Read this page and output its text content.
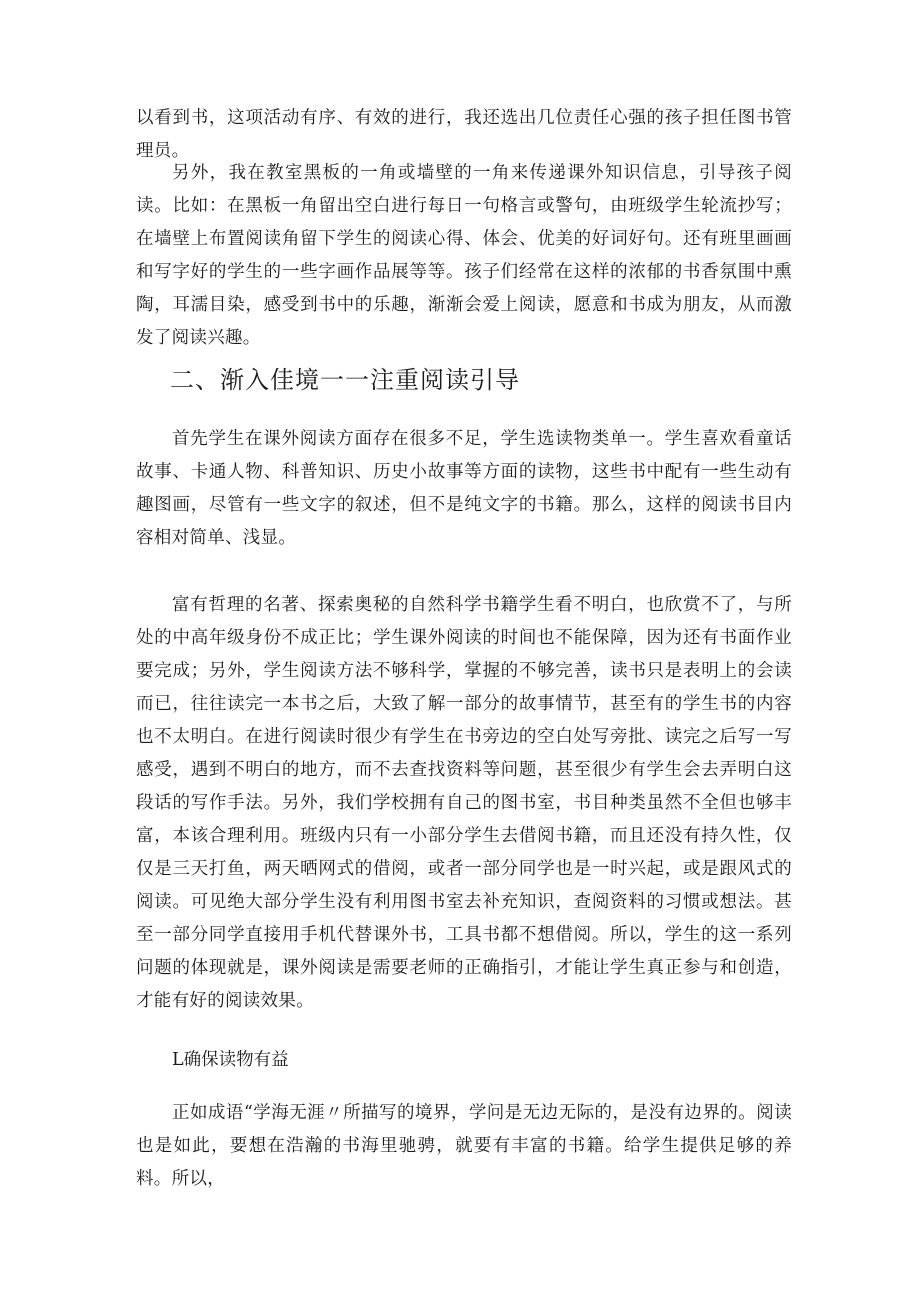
以看到书，这项活动有序、有效的进行，我还选出几位责任心强的孩子担任图书管理员。

另外，我在教室黑板的一角或墙壁的一角来传递课外知识信息，引导孩子阅读。比如：在黑板一角留出空白进行每日一句格言或警句，由班级学生轮流抄写；在墙壁上布置阅读角留下学生的阅读心得、体会、优美的好词好句。还有班里画画和写字好的学生的一些字画作品展等等。孩子们经常在这样的浓郁的书香氛围中熏陶，耳濡目染，感受到书中的乐趣，渐渐会爱上阅读，愿意和书成为朋友，从而激发了阅读兴趣。

二、渐入佳境一一注重阅读引导

首先学生在课外阅读方面存在很多不足，学生选读物类单一。学生喜欢看童话故事、卡通人物、科普知识、历史小故事等方面的读物，这些书中配有一些生动有趣图画，尽管有一些文字的叙述，但不是纯文字的书籍。那么，这样的阅读书目内容相对简单、浅显。

富有哲理的名著、探索奥秘的自然科学书籍学生看不明白，也欣赏不了，与所处的中高年级身份不成正比；学生课外阅读的时间也不能保障，因为还有书面作业要完成；另外，学生阅读方法不够科学，掌握的不够完善，读书只是表明上的会读而已，往往读完一本书之后，大致了解一部分的故事情节，甚至有的学生书的内容也不太明白。在进行阅读时很少有学生在书旁边的空白处写旁批、读完之后写一写感受，遇到不明白的地方，而不去查找资料等问题，甚至很少有学生会去弄明白这段话的写作手法。另外，我们学校拥有自己的图书室，书目种类虽然不全但也够丰富，本该合理利用。班级内只有一小部分学生去借阅书籍，而且还没有持久性，仅仅是三天打鱼，两天晒网式的借阅，或者一部分同学也是一时兴起，或是跟风式的阅读。可见绝大部分学生没有利用图书室去补充知识，查阅资料的习惯或想法。甚至一部分同学直接用手机代替课外书，工具书都不想借阅。所以，学生的这一系列问题的体现就是，课外阅读是需要老师的正确指引，才能让学生真正参与和创造，才能有好的阅读效果。

L确保读物有益

正如成语“学海无涯〃所描写的境界，学问是无边无际的，是没有边界的。阅读也是如此，要想在浩瀚的书海里驰骋，就要有丰富的书籍。给学生提供足够的养料。所以，
